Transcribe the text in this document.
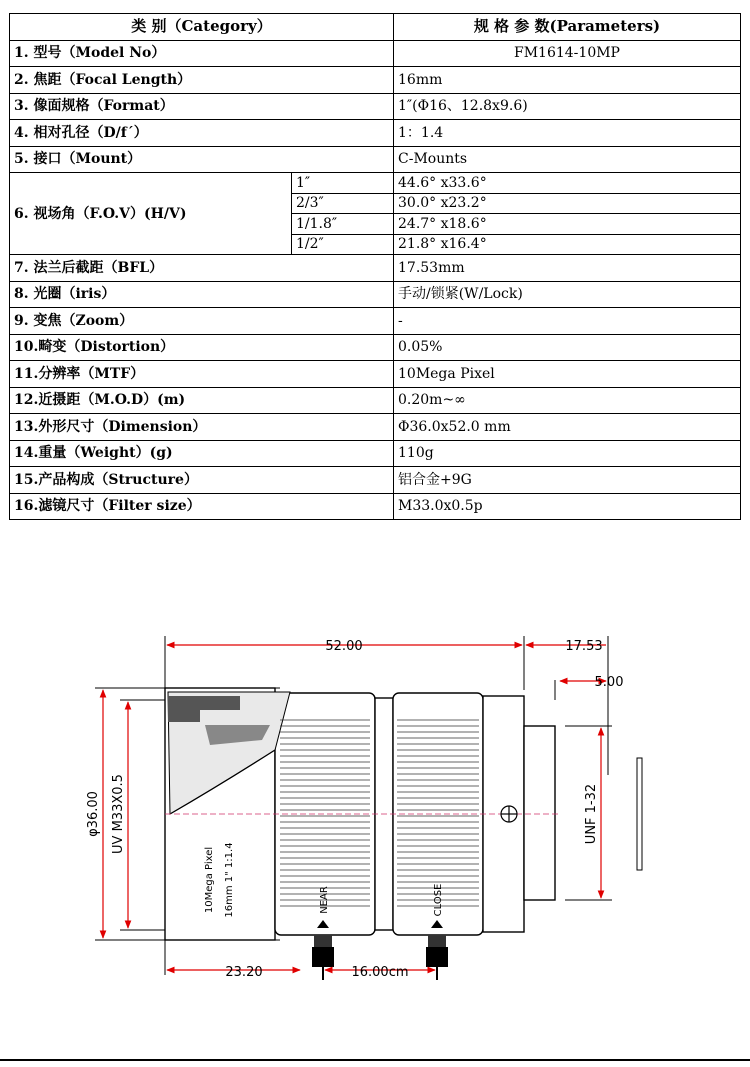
类 别（Category）		规 格 参 数(Parameters)
1. 型号（Model No）		FM1614-10MP
2. 焦距（Focal Length）		16mm
3. 像面规格（Format）		1″(Φ16、12.8x9.6)
4. 相对孔径（D/f´）		1：1.4
5. 接口（Mount）		C-Mounts
6. 视场角（F.O.V）(H/V)	1″	44.6° x33.6°
	2/3″	30.0° x23.2°
	1/1.8″	24.7° x18.6°
	1/2″	21.8° x16.4°
7. 法兰后截距（BFL）		17.53mm
8. 光圈（iris）		手动/锁紧(W/Lock)
9. 变焦（Zoom）		-
10.畸变（Distortion）		0.05%
11.分辨率（MTF）		10Mega Pixel
12.近摄距（M.O.D）(m)		0.20m~∞
13.外形尺寸（Dimension）		Φ36.0x52.0 mm
14.重量（Weight）(g)		110g
15.产品构成（Structure）		铝合金+9G
16.滤镜尺寸（Filter size）		M33.0x0.5p
52.00	17.53
5.00
φ36.00 UV M33X0.5	UNF 1-32
23.20	16.00cm
10Mega Pixel 16mm 1" 1:1.4	NEAR	CLOSE
